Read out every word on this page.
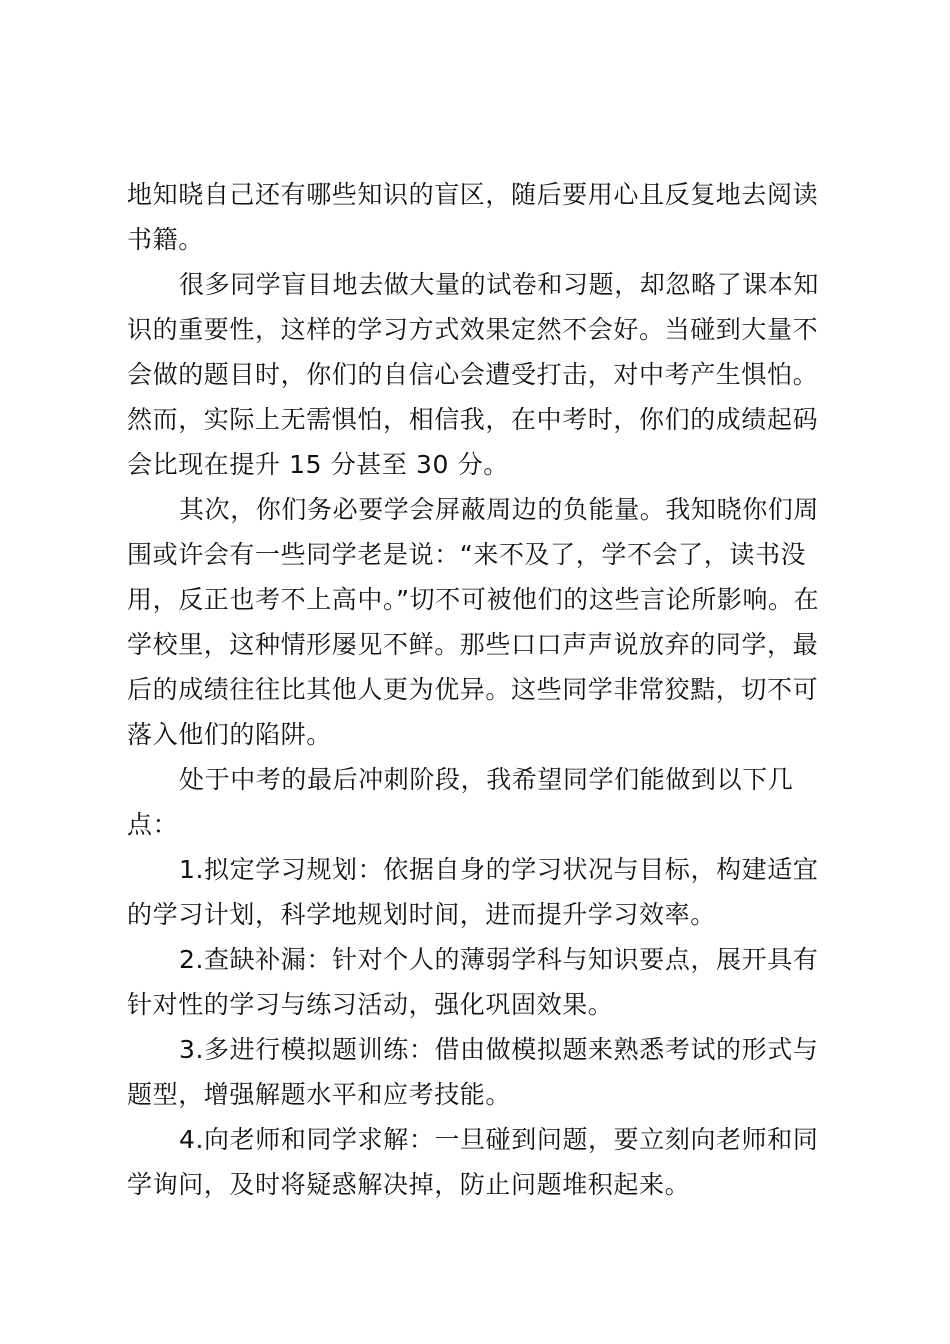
地知晓自己还有哪些知识的盲区，随后要用心且反复地去阅读书籍。

很多同学盲目地去做大量的试卷和习题，却忽略了课本知识的重要性，这样的学习方式效果定然不会好。当碰到大量不会做的题目时，你们的自信心会遭受打击，对中考产生惧怕。然而，实际上无需惧怕，相信我，在中考时，你们的成绩起码会比现在提升 15 分甚至 30 分。

其次，你们务必要学会屏蔽周边的负能量。我知晓你们周围或许会有一些同学老是说：“来不及了，学不会了，读书没用，反正也考不上高中。”切不可被他们的这些言论所影响。在学校里，这种情形屡见不鲜。那些口口声声说放弃的同学，最后的成绩往往比其他人更为优异。这些同学非常狡黠，切不可落入他们的陷阱。

处于中考的最后冲刺阶段，我希望同学们能做到以下几点：

1.拟定学习规划：依据自身的学习状况与目标，构建适宜的学习计划，科学地规划时间，进而提升学习效率。

2.查缺补漏：针对个人的薄弱学科与知识要点，展开具有针对性的学习与练习活动，强化巩固效果。

3.多进行模拟题训练：借由做模拟题来熟悉考试的形式与题型，增强解题水平和应考技能。

4.向老师和同学求解：一旦碰到问题，要立刻向老师和同学询问，及时将疑惑解决掉，防止问题堆积起来。
